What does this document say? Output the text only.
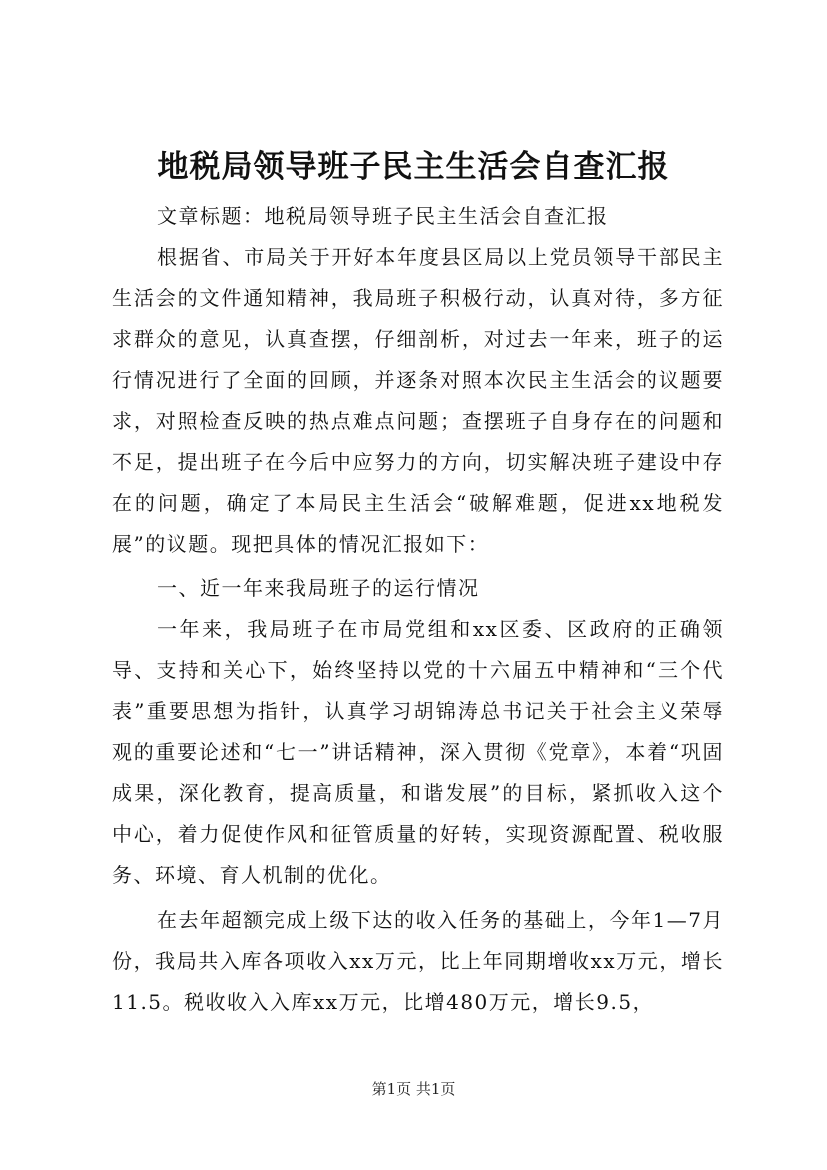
地税局领导班子民主生活会自查汇报
文章标题：地税局领导班子民主生活会自查汇报
根据省、市局关于开好本年度县区局以上党员领导干部民主生活会的文件通知精神，我局班子积极行动，认真对待，多方征求群众的意见，认真查摆，仔细剖析，对过去一年来，班子的运行情况进行了全面的回顾，并逐条对照本次民主生活会的议题要求，对照检查反映的热点难点问题；查摆班子自身存在的问题和不足，提出班子在今后中应努力的方向，切实解决班子建设中存在的问题，确定了本局民主生活会“破解难题，促进xx地税发展”的议题。现把具体的情况汇报如下：
一、近一年来我局班子的运行情况
一年来，我局班子在市局党组和xx区委、区政府的正确领导、支持和关心下，始终坚持以党的十六届五中精神和“三个代表”重要思想为指针，认真学习胡锦涛总书记关于社会主义荣辱观的重要论述和“七一”讲话精神，深入贯彻《党章》，本着“巩固成果，深化教育，提高质量，和谐发展”的目标，紧抓收入这个中心，着力促使作风和征管质量的好转，实现资源配置、税收服务、环境、育人机制的优化。
在去年超额完成上级下达的收入任务的基础上，今年1—7月份，我局共入库各项收入xx万元，比上年同期增收xx万元，增长11.5。税收收入入库xx万元，比增480万元，增长9.5，
第1页 共1页
